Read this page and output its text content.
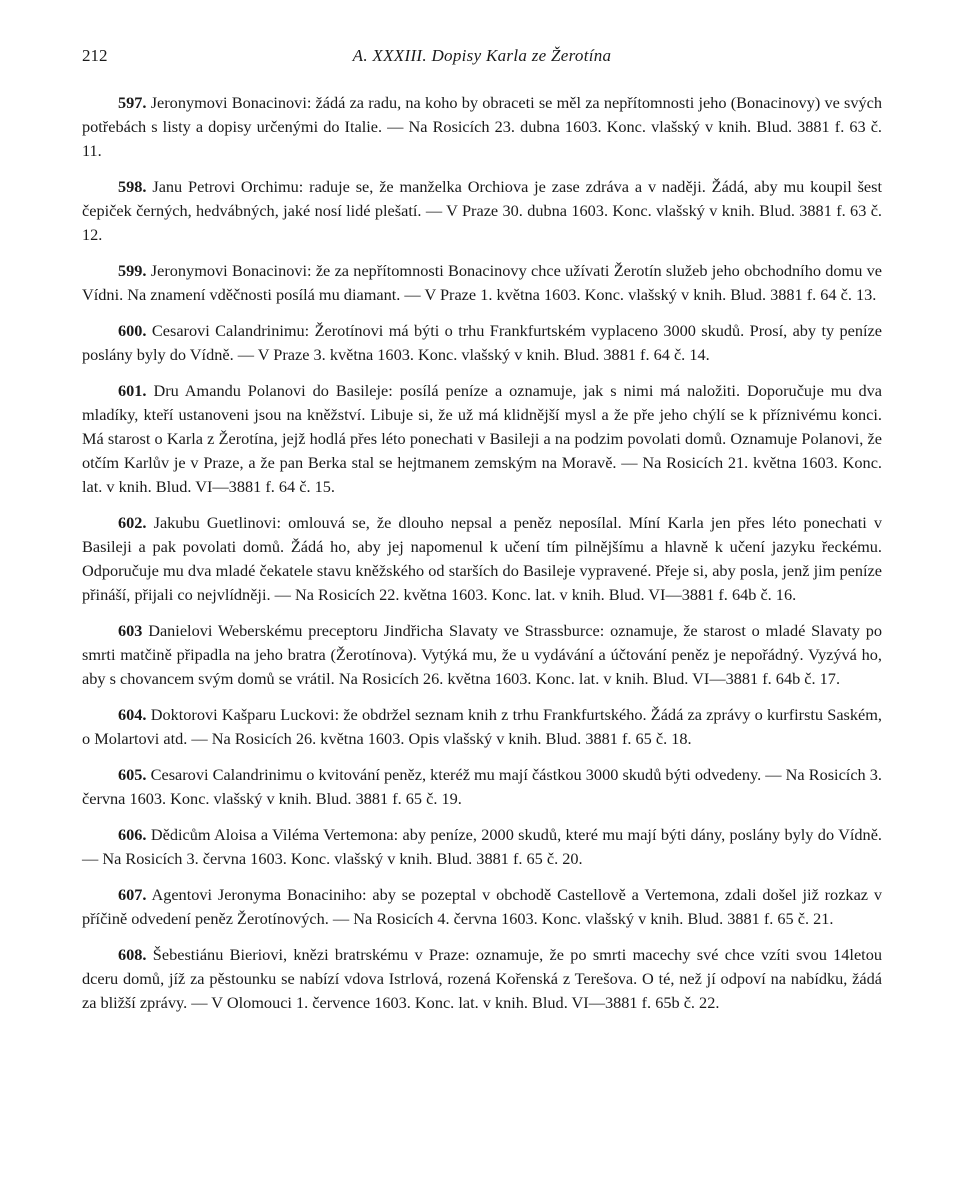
212	A. XXXIII. Dopisy Karla ze Žerotína

597. Jeronymovi Bonacinovi: žádá za radu, na koho by obraceti se měl za nepřítomnosti jeho (Bonacinovy) ve svých potřebách s listy a dopisy určenými do Italie. — Na Rosicích 23. dubna 1603. Konc. vlašský v knih. Blud. 3881 f. 63 č. 11.

598. Janu Petrovi Orchimu: raduje se, že manželka Orchiova je zase zdráva a v naději. Žádá, aby mu koupil šest čepiček černých, hedvábných, jaké nosí lidé plešatí. — V Praze 30. dubna 1603. Konc. vlašský v knih. Blud. 3881 f. 63 č. 12.

599. Jeronymovi Bonacinovi: že za nepřítomnosti Bonacinovy chce užívati Žerotín služeb jeho obchodního domu ve Vídni. Na znamení vděčnosti posílá mu diamant. — V Praze 1. května 1603. Konc. vlašský v knih. Blud. 3881 f. 64 č. 13.

600. Cesarovi Calandrinimu: Žerotínovi má býti o trhu Frankfurtském vyplaceno 3000 skudů. Prosí, aby ty peníze poslány byly do Vídně. — V Praze 3. května 1603. Konc. vlašský v knih. Blud. 3881 f. 64 č. 14.

601. Dru Amandu Polanovi do Basileje: posílá peníze a oznamuje, jak s nimi má naložiti. Doporučuje mu dva mladíky, kteří ustanoveni jsou na kněžství. Libuje si, že už má klidnější mysl a že pře jeho chýlí se k příznivému konci. Má starost o Karla z Žerotína, jejž hodlá přes léto ponechati v Basileji a na podzim povolati domů. Oznamuje Polanovi, že otčím Karlův je v Praze, a že pan Berka stal se hejtmanem zemským na Moravě. — Na Rosicích 21. května 1603. Konc. lat. v knih. Blud. VI—3881 f. 64 č. 15.

602. Jakubu Guetlinovi: omlouvá se, že dlouho nepsal a peněz neposílal. Míní Karla jen přes léto ponechati v Basileji a pak povolati domů. Žádá ho, aby jej napomenul k učení tím pilnějšímu a hlavně k učení jazyku řeckému. Odporučuje mu dva mladé čekatele stavu kněžského od starších do Basileje vypravené. Přeje si, aby posla, jenž jim peníze přináší, přijali co nejvlídněji. — Na Rosicích 22. května 1603. Konc. lat. v knih. Blud. VI—3881 f. 64b č. 16.

603 Danielovi Weberskému preceptoru Jindřicha Slavaty ve Strassburce: oznamuje, že starost o mladé Slavaty po smrti matčině připadla na jeho bratra (Žerotínova). Vytýká mu, že u vydávání a účtování peněz je nepořádný. Vyzývá ho, aby s chovancem svým domů se vrátil. Na Rosicích 26. května 1603. Konc. lat. v knih. Blud. VI—3881 f. 64b č. 17.

604. Doktorovi Kašparu Luckovi: že obdržel seznam knih z trhu Frankfurtského. Žádá za zprávy o kurfirstu Saském, o Molartovi atd. — Na Rosicích 26. května 1603. Opis vlašský v knih. Blud. 3881 f. 65 č. 18.

605. Cesarovi Calandrinimu o kvitování peněz, kteréž mu mají částkou 3000 skudů býti odvedeny. — Na Rosicích 3. června 1603. Konc. vlašský v knih. Blud. 3881 f. 65 č. 19.

606. Dědicům Aloisa a Viléma Vertemona: aby peníze, 2000 skudů, které mu mají býti dány, poslány byly do Vídně. — Na Rosicích 3. června 1603. Konc. vlašský v knih. Blud. 3881 f. 65 č. 20.

607. Agentovi Jeronyma Bonaciniho: aby se pozeptal v obchodě Castellově a Vertemona, zdali došel již rozkaz v příčině odvedení peněz Žerotínových. — Na Rosicích 4. června 1603. Konc. vlašský v knih. Blud. 3881 f. 65 č. 21.

608. Šebestiánu Bieriovi, knězi bratrskému v Praze: oznamuje, že po smrti macechy své chce vzíti svou 14letou dceru domů, jíž za pěstounku se nabízí vdova Istrlová, rozená Kořenská z Terešova. O té, než jí odpoví na nabídku, žádá za bližší zprávy. — V Olomouci 1. července 1603. Konc. lat. v knih. Blud. VI—3881 f. 65b č. 22.
